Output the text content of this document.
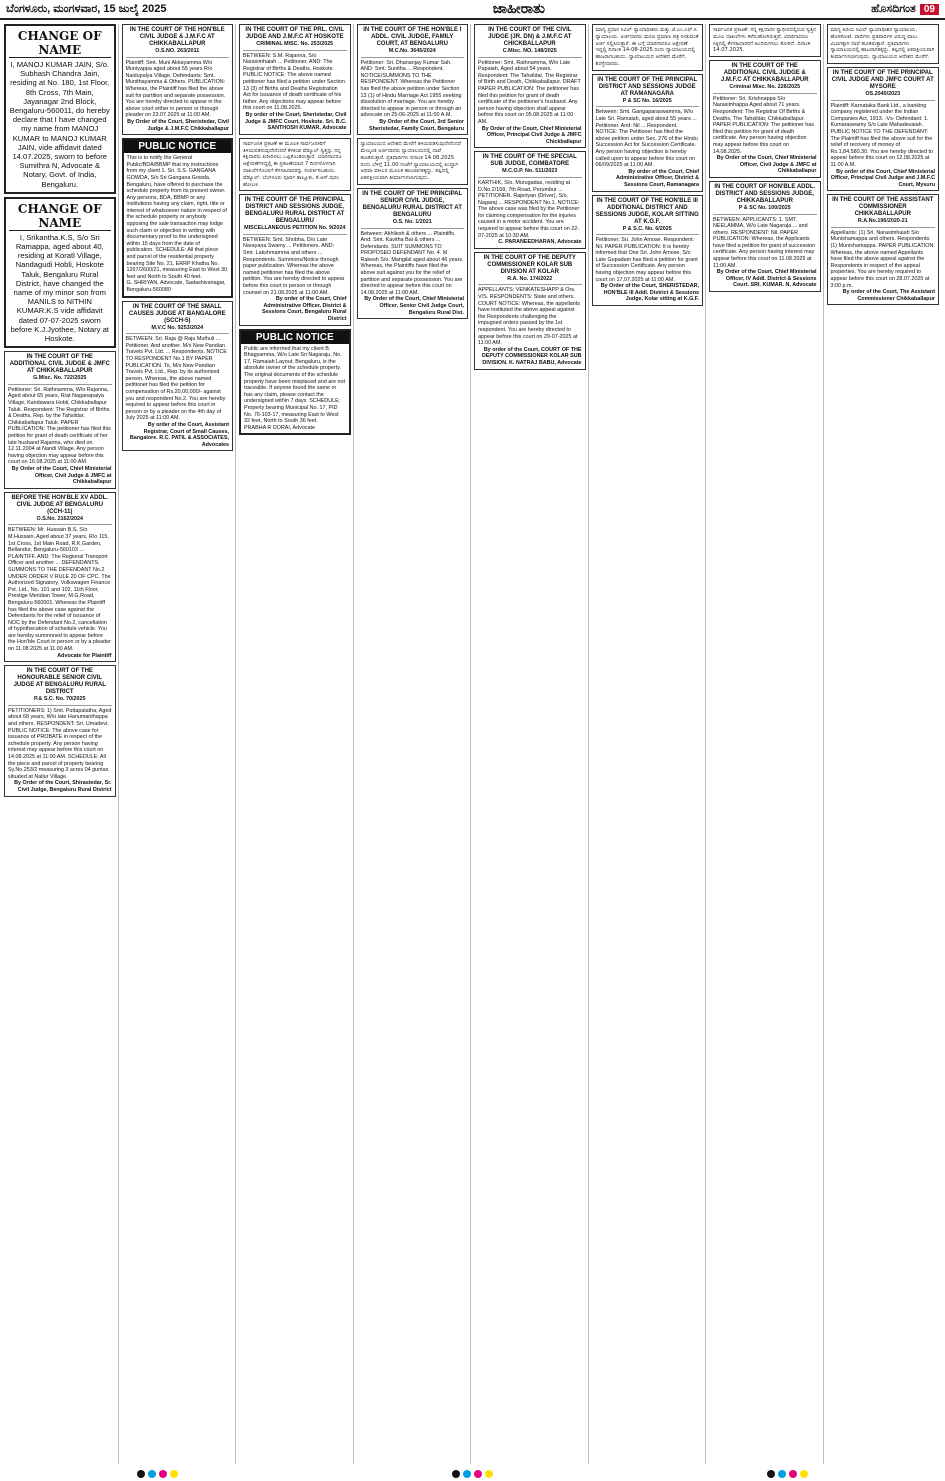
ಬೆಂಗಳೂರು, ಮಂಗಳವಾರ, 15 ಜುಲೈ 2025	ಜಾಹೀರಾತು	ಹೊಸದಿಗಂತ 09
CHANGE OF NAME
I, MANOJ KUMAR JAIN, S/o. Subhash Chandra Jain, residing at No. 180, 1st Floor, 8th Cross, 7th Main, Jayanagar 2nd Block, Bengaluru-560011, do hereby declare that I have changed my name from MANOJ KUMAR to MANOJ KUMAR JAIN, vide affidavit dated 14.07.2025, sworn to before Sumithra N, Advocate & Notary, Govt. of India, Bengaluru.
CHANGE OF NAME
I, Srikantha.K.S, S/o Sri Ramappa, aged about 40, residing at Koratl Village, Nandagudi Hobli, Hoskote Taluk, Bengaluru Rural District, have changed the name of my minor son from MANILS to NITHIN KUMAR.K.S vide affidavit dated 07-07-2025 sworn before K.J.Jyothee, Notary at Hoskote.
IN THE COURT OF THE ADDITIONAL CIVIL JUDGE & JMFC AT CHIKKABALLAPUR
G.Misc. No. 722/2025
Petitioner: Sri. Rathnamma, W/o Rajanna, Aged about 65 years, R/at Naganapalya Village, Kandawara Hobli, Chikkaballapur Taluk. Respondent: The Registrar of Births & Deaths, Rep. by the Tahsildar, Chikkaballapur Taluk. PAPER PUBLICATION: The petitioner has filed this petition for grant of death certificate of her late husband Rajanna, who died on 12.11.2004 at Nandi Village. Any person having objection may appear before this court on 16.08.2025 at 11:00 AM.
By Order of the Court, Chief Ministerial Officer, Civil Judge & JMFC at Chikkaballapur
BEFORE THE HON'BLE XV ADDL. CIVIL JUDGE AT BENGALURU (CCH-11)
O.S.No. 2162/2024
BETWEEN: Mr. Hussain B.S, S/o M.Hussain, Aged about 37 years, R/o 115, 1st Cross, 1st Main Road, R.K.Garden, Bellandur, Bengaluru-560103 ... PLAINTIFF. AND: The Regional Transport Officer and another ... DEFENDANTS. SUMMONS TO THE DEFENDANT No.2 UNDER ORDER V RULE 20 OF CPC. The Authorized Signatory, Volkswagen Finance Pvt. Ltd., No. 101 and 102, 11th Floor, Prestige Meridian Tower, M.G.Road, Bengaluru-560001. Whereas the Plaintiff has filed the above case against the Defendants for the relief of issuance of NOC by the Defendant No.2, cancellation of hypothecation of schedule vehicle. You are hereby summoned to appear before the Hon'ble Court in person or by a pleader on 11.08.2025 at 11.00 AM.
Advocate for Plaintiff
IN THE COURT OF THE HONOURABLE SENIOR CIVIL JUDGE AT BENGALURU RURAL DISTRICT
P.& S.C. No. 70/2025
PETITIONERS: 1) Smt. Puttapalatha, Aged about 68 years, W/o late Hanumanthappa and others. RESPONDENT: Sri. Umadevi. PUBLIC NOTICE: The above case for issuance of PROBATE in respect of the schedule property. Any person having interest may appear before this court on 14.08.2025 at 11:00 AM. SCHEDULE: All the piece and parcel of property bearing Sy.No.253/2 measuring 3 acres 04 guntas situated at Nallur Village.
By Order of the Court, Shirastedar, Sr. Civil Judge, Bengaluru Rural District
IN THE COURT OF THE HON'BLE CIVIL JUDGE & J.M.F.C AT CHIKKABALLAPUR
O.S.NO. 263/2011
Plaintiff: Smt. Muni Akkayamma W/o Muniyappa aged about 55 years R/o Naidupalya Village. Defendants: Smt. Munithayamma & Others. PUBLICATION: Whereas, the Plaintiff has filed the above suit for partition and separate possession. You are hereby directed to appear in the above court either in person or through pleader on 23.07.2025 at 11:00 AM.
By Order of the Court, Sheristedar, Civil Judge & J.M.F.C Chikkaballapur
PUBLIC NOTICE
This is to notify the General Public/BDA/BBMP that my instructions from my client 1. Sri. S.S. GANGANA GOWDA, S/o Sri Gangana Gowda, Bengaluru, have offered to purchase the schedule property from its present owner. Any persons, BDA, BBMP or any institutions having any claim, right, title or interest of whatsoever nature in respect of the schedule property or anybody opposing the sale transaction may lodge such claim or objection in writing with documentary proof to the undersigned within 15 days from the date of publication. SCHEDULE: All that piece and parcel of the residential property bearing Site No. 21, ERRP Khatha No. 1267/2600/21, measuring East to West 30 feet and North to South 40 feet.
G. SHRIYAN, Advocate, Sadashivanagar, Bengaluru-560080
IN THE COURT OF THE SMALL CAUSES JUDGE AT BANGALORE (SCCH-5)
M.V.C No. 9253/2024
BETWEEN: Sri. Raja @ Raju Muthuli ... Petitioner. And another. M/s New Pandian Travels Pvt. Ltd. ... Respondents. NOTICE TO RESPONDENT No.1 BY PAPER PUBLICATION. To, M/s New Pandian Travels Pvt. Ltd., Rep. by its authorized person. Whereas, the above named petitioner has filed the petition for compensation of Rs.20,00,000/- against you and respondent No.2. You are hereby required to appear before this court in person or by a pleader on the 4th day of July 2025 at 11:00 AM.
By order of the Court, Assistant Registrar, Court of Small Causes, Bangalore. R.C. PATIL & ASSOCIATES, Advocates
IN THE COURT OF THE PRL. CIVIL JUDGE AND J.M.F.C AT HOSKOTE
CRIMINAL MISC. No. 253/2025
BETWEEN: S.M. Rajanna, S/o Narasimhaiah ... Petitioner. AND: The Registrar of Births & Deaths, Hoskote. PUBLIC NOTICE: The above named petitioner has filed a petition under Section 13 (3) of Births and Deaths Registration Act for issuance of death certificate of his father. Any objections may appear before this court on 11.08.2025.
By order of the Court, Sheristedar, Civil Judge & JMFC Court, Hoskote. Sri. B.C. SANTHOSH KUMAR, Advocate
ಸಾರ್ವಜನಿಕ ಪ್ರಕಟಣೆ ಈ ಮೂಲಕ ಸಾರ್ವಜನಿಕರಿಗೆ ತಿಳಿಯಪಡಿಸುವುದೇನೆಂದರೆ ಕೆಳಕಂಡ ಷೆಡ್ಯೂಲ್ ಸ್ವತ್ತನ್ನು ನನ್ನ ಕಕ್ಷಿದಾರರು ಖರೀದಿಸಲು ಒಪ್ಪಿಕೊಂಡಿರುತ್ತಾರೆ. ಯಾರಿಗಾದರೂ ಆಕ್ಷೇಪಣೆಗಳಿದ್ದಲ್ಲಿ ಈ ಪ್ರಕಟಣೆಯಾದ 7 ದಿನಗಳೊಳಗಾಗಿ ದಾಖಲೆಗಳೊಂದಿಗೆ ಕೆಳಸಹಿದಾರರನ್ನು ಸಂಪರ್ಕಿಸಬಹುದು. ಷೆಡ್ಯೂಲ್: ಬೆಂಗಳೂರು ಪೂರ್ವ ತಾಲ್ಲೂಕು, ಕೆ.ಆರ್.ಪುರಂ ಹೋಬಳಿ.
IN THE COURT OF THE PRINCIPAL DISTRICT AND SESSIONS JUDGE, BENGALURU RURAL DISTRICT AT BENGALURU
MISCELLANEOUS PETITION No. 9/2024
BETWEEN: Smt. Shobha, D/o Late Narayana Swamy ... Petitioners. AND: Smt. Lakshmamma and others ... Respondents. Summons/Notice through paper publication. Whereas the above named petitioner has filed the above petition. You are hereby directed to appear before this court in person or through counsel on 21.08.2025 at 11:00 AM.
By order of the Court, Chief Administrative Officer, District & Sessions Court, Bengaluru Rural District
PUBLIC NOTICE
Public are informed that my client B. Bhagyamma, W/o Late Sri Nagaraju, No. 17, Ramaiah Layout, Bengaluru, is the absolute owner of the schedule property. The original documents of the schedule property have been misplaced and are not traceable. If anyone found the same or has any claim, please contact the undersigned within 7 days. SCHEDULE: Property bearing Municipal No. 17, PID No. 76-103-17, measuring East to West 32 feet, North to South 36 feet.
PRABHA R DORAI, Advocate
IN THE COURT OF THE HON'BLE I ADDL. CIVIL JUDGE, FAMILY COURT, AT BENGALURU
M.C.No. 3645/2024
Petitioner: Sri. Dhananjay Kumar Sah. AND: Smt. Sunitha ... Respondent. NOTICE/SUMMONS TO THE RESPONDENT. Whereas the Petitioner has filed the above petition under Section 13 (1) of Hindu Marriage Act 1955 seeking dissolution of marriage. You are hereby directed to appear in person or through an advocate on 25-06-2025 at 11:00 A.M.
By Order of the Court, 3rd Senior Sheristedar, Family Court, Bengaluru
ನ್ಯಾಯಾಲಯದ ಆದೇಶದ ಮೇರೆಗೆ ತಿಳಿಯಪಡಿಸುವುದೇನೆಂದರೆ ಮೇಲ್ಕಂಡ ಅರ್ಜಿದಾರರು ನ್ಯಾಯಾಲಯದಲ್ಲಿ ದಾವೆ ಹೂಡಿರುತ್ತಾರೆ. ಪ್ರತಿವಾದಿಗಳು ದಿನಾಂಕ 14.08.2025 ರಂದು ಬೆಳಿಗ್ಗೆ 11.00 ಗಂಟೆಗೆ ನ್ಯಾಯಾಲಯದಲ್ಲಿ ಖುದ್ದಾಗಿ ಅಥವಾ ವಕೀಲರ ಮೂಲಕ ಹಾಜರಾಗತಕ್ಕದ್ದು. ತಪ್ಪಿದಲ್ಲಿ ಏಕಪಕ್ಷೀಯವಾಗಿ ತೀರ್ಮಾನಿಸಲಾಗುವುದು.
IN THE COURT OF THE PRINCIPAL SENIOR CIVIL JUDGE, BENGALURU RURAL DISTRICT AT BENGALURU
O.S. No. 1/2021
Between: Akhilesh & others ... Plaintiffs. And: Smt. Kavitha Bai & others ... Defendants. SUIT SUMMONS TO PROPOSED DEFENDANT No. 4. M. Rakesh S/o. Mangilal aged about 46 years. Whereas, the Plaintiffs have filed the above suit against you for the relief of partition and separate possession. You are directed to appear before this court on 14.08.2025 at 11:00 AM.
By Order of the Court, Chief Ministerial Officer, Senior Civil Judge Court, Bengaluru Rural Dist.
IN THE COURT OF THE CIVIL JUDGE (JR. DN) & J.M.F.C AT CHICKBALLAPUR
C.Misc. NO. 148/2025
Petitioner: Smt. Rathnamma, W/o Late Papaiah, Aged about 54 years. Respondent: The Tahsildar, The Registrar of Birth and Death, Chikkaballapur. DRAFT PAPER PUBLICATION: The petitioner has filed this petition for grant of death certificate of the petitioner's husband. Any person having objection shall appear before this court on 05.08.2025 at 11:00 AM.
By Order of the Court, Chief Ministerial Officer, Principal Civil Judge & JMFC Chickballapur
IN THE COURT OF THE SPECIAL SUB JUDGE, COIMBATORE
M.C.O.P. No. 511/2023
KARTHIK, S/o. Murugadas, residing at D.No.2/168, 7th Road, Perumbur ... PETITIONER. Rajeriyan (Driver), S/o. Nagaraj ... RESPONDENT No.1. NOTICE: The above case was filed by the Petitioner for claiming compensation for the injuries caused in a motor accident. You are required to appear before this court on 22-07-2025 at 10:30 AM.
C. PARANEEDHARAN, Advocate
IN THE COURT OF THE DEPUTY COMMISSIONER KOLAR SUB DIVISION AT KOLAR
R.A. No. 174/2022
APPELLANTS: VENKATESHAPP & Ors. V/S. RESPONDENTS: State and others. COURT NOTICE: Whereas, the appellants have instituted the above appeal against the Respondents challenging the impugned orders passed by the 1st respondent. You are hereby directed to appear before this court on 29-07-2025 at 11:00 AM.
By order of the Court, COURT OF THE DEPUTY COMMISSIONER KOLAR SUB DIVISION. K. NATRAJ BABU, Advocate
ಮಾನ್ಯ ಪ್ರಧಾನ ಸಿವಿಲ್ ನ್ಯಾಯಾಧೀಶರು ಮತ್ತು ಜೆ.ಎಂ.ಎಫ್.ಸಿ ನ್ಯಾಯಾಲಯ. ಅರ್ಜಿದಾರರು ಮರಣ ಪ್ರಮಾಣ ಪತ್ರ ನೀಡುವಂತೆ ಅರ್ಜಿ ಸಲ್ಲಿಸಿರುತ್ತಾರೆ. ಈ ಬಗ್ಗೆ ಯಾರಿಗಾದರೂ ಆಕ್ಷೇಪಣೆ ಇದ್ದಲ್ಲಿ ದಿನಾಂಕ 14-08-2025 ರಂದು ನ್ಯಾಯಾಲಯದಲ್ಲಿ ಹಾಜರಾಗಬಹುದು. ನ್ಯಾಯಾಲಯದ ಆದೇಶದ ಮೇರೆಗೆ, ಶಿರಸ್ತೇದಾರರು.
IN THE COURT OF THE PRINCIPAL DISTRICT AND SESSIONS JUDGE AT RAMANAGARA
P & SC No. 16/2025
Between: Smt. Gangaparaswamma, W/o Late Sri. Ramaiah, aged about 55 years ... Petitioner. And: Nil ... Respondent. NOTICE: The Petitioner has filed the above petition under Sec. 276 of the Hindu Succession Act for Succession Certificate. Any person having objection is hereby called upon to appear before this court on 06/09/2025 at 11:00 AM.
By order of the Court, Chief Administrative Officer, District & Sessions Court, Ramanagara
IN THE COURT OF THE HON'BLE III ADDITIONAL DISTRICT AND SESSIONS JUDGE, KOLAR SITTING AT K.G.F.
P & S.C. No. 6/2025
Petitioner: Sri. John Amose. Respondent: Nil. PAPER PUBLICATION: It is hereby informed that One Sri. John Amose, S/o Late Gupadam has filed a petition for grant of Succession Certificate. Any person having objection may appear before this court on 17.07.2025 at 11:00 AM.
By Order of the Court, SHERISTEDAR, HON'BLE III Addl. District & Sessions Judge, Kolar sitting at K.G.F.
ಸಾರ್ವಜನಿಕ ಪ್ರಕಟಣೆ: ನನ್ನ ಕಕ್ಷಿದಾರರ ಸ್ವಾಧೀನದಲ್ಲಿರುವ ಸ್ವತ್ತಿನ ಮೂಲ ದಾಖಲೆಗಳು ಕಳೆದುಹೋಗಿರುತ್ತವೆ. ಯಾರಿಗಾದರೂ ಸಿಕ್ಕಿದಲ್ಲಿ ಕೆಳಸಹಿದಾರರಿಗೆ ಹಿಂದಿರುಗಿಸಲು ಕೋರಿದೆ. ದಿನಾಂಕ 14.07.2025.
IN THE COURT OF THE ADDITIONAL CIVIL JUDGE & J.M.F.C AT CHIKKABALLAPUR
Criminal Misc. No. 226/2025
Petitioner: Sri. Krishnappa S/o Narasimhappa Aged about 71 years. Respondent: The Registrar Of Births & Deaths, The Tahsildar, Chikkaballapur. PAPER PUBLICATION: The petitioner has filed this petition for grant of death certificate. Any person having objection may appear before this court on 14.08.2025.
By Order of the Court, Chief Ministerial Officer, Civil Judge & JMFC at Chikkaballapur
IN THE COURT OF HON'BLE ADDL. DISTRICT AND SESSIONS JUDGE, CHIKKABALLAPUR
P & SC No. 100/2025
BETWEEN: APPLICANTS: 1. SMT. NEELAMMA, W/o Late Nagaraja ... and others. RESPONDENT: Nil. PAPER PUBLICATION: Whereas, the Applicants have filed a petition for grant of succession certificate. Any person having interest may appear before this court on 11.08.2025 at 11:00 AM.
By Order of the Court, Chief Ministerial Officer, IV Addl. District & Sessions Court. SRI. KUMAR. N, Advocate
ಮಾನ್ಯ ಹಿರಿಯ ಸಿವಿಲ್ ನ್ಯಾಯಾಧೀಶರ ನ್ಯಾಯಾಲಯ, ಹೊಸಕೋಟೆ. ವಾದಿಗಳು ಪ್ರತಿವಾದಿಗಳ ವಿರುದ್ಧ ಪಾಲು ವಿಭಾಗಕ್ಕಾಗಿ ದಾವೆ ಹೂಡಿರುತ್ತಾರೆ. ಪ್ರತಿವಾದಿಗಳು ನ್ಯಾಯಾಲಯದಲ್ಲಿ ಹಾಜರಾಗತಕ್ಕದ್ದು. ತಪ್ಪಿದಲ್ಲಿ ಏಕಪಕ್ಷೀಯವಾಗಿ ತೀರ್ಮಾನಿಸಲಾಗುವುದು. ನ್ಯಾಯಾಲಯದ ಆದೇಶದ ಮೇರೆಗೆ.
IN THE COURT OF THE PRINCIPAL CIVIL JUDGE AND JMFC COURT AT MYSORE
OS.2040/2023
Plaintiff: Karnataka Bank Ltd., a banking company registered under the Indian Companies Act, 1913. -Vs- Defendant: 1. Kumaraswamy S/o Late Mahadevaiah. PUBLIC NOTICE TO THE DEFENDANT: The Plaintiff has filed the above suit for the relief of recovery of money of Rs.1,84,580.30. You are hereby directed to appear before this court on 12.08.2025 at 11.00 A.M.
By order of the Court, Chief Ministerial Officer, Principal Civil Judge and J.M.F.C Court, Mysuru
IN THE COURT OF THE ASSISTANT COMMISSIONER CHIKKABALLAPUR
R.A.No.196/2020-21
Appellants: (1) Sri. Narasimhaiah S/o Munishamappa and others. Respondents: (1) Munishamappa. PAPER PUBLICATION: Whereas, the above named Appellants have filed the above appeal against the Respondents in respect of the appeal properties. You are hereby required to appear before this court on 28.07.2025 at 3:00 p.m.
By order of the Court, The Assistant Commissioner Chikkaballapur
